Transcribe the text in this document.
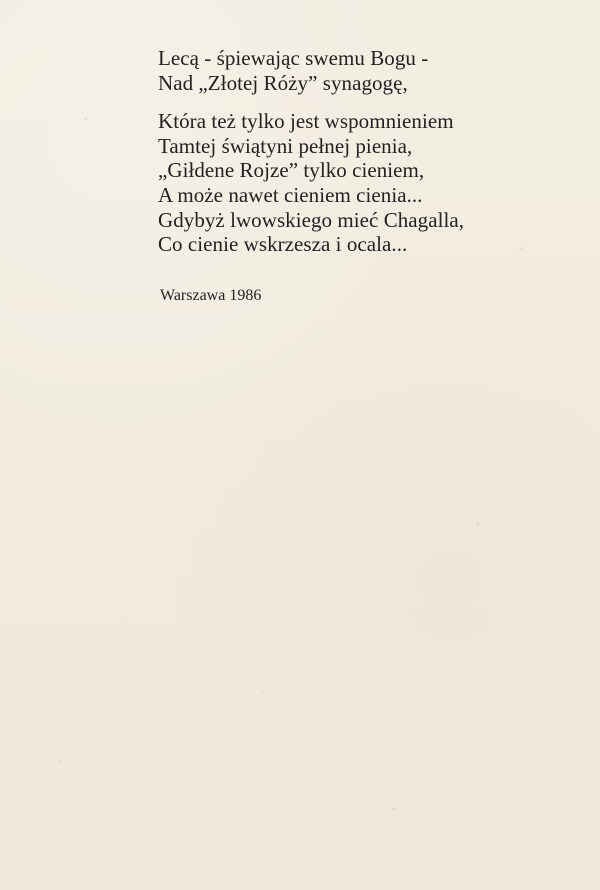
Lecą - śpiewając swemu Bogu -
Nad „Złotej Róży” synagogę,
Która też tylko jest wspomnieniem
Tamtej świątyni pełnej pienia,
„Giłdene Rojze” tylko cieniem,
A może nawet cieniem cienia...
Gdybyż lwowskiego mieć Chagalla,
Co cienie wskrzesza i ocala...
Warszawa 1986
